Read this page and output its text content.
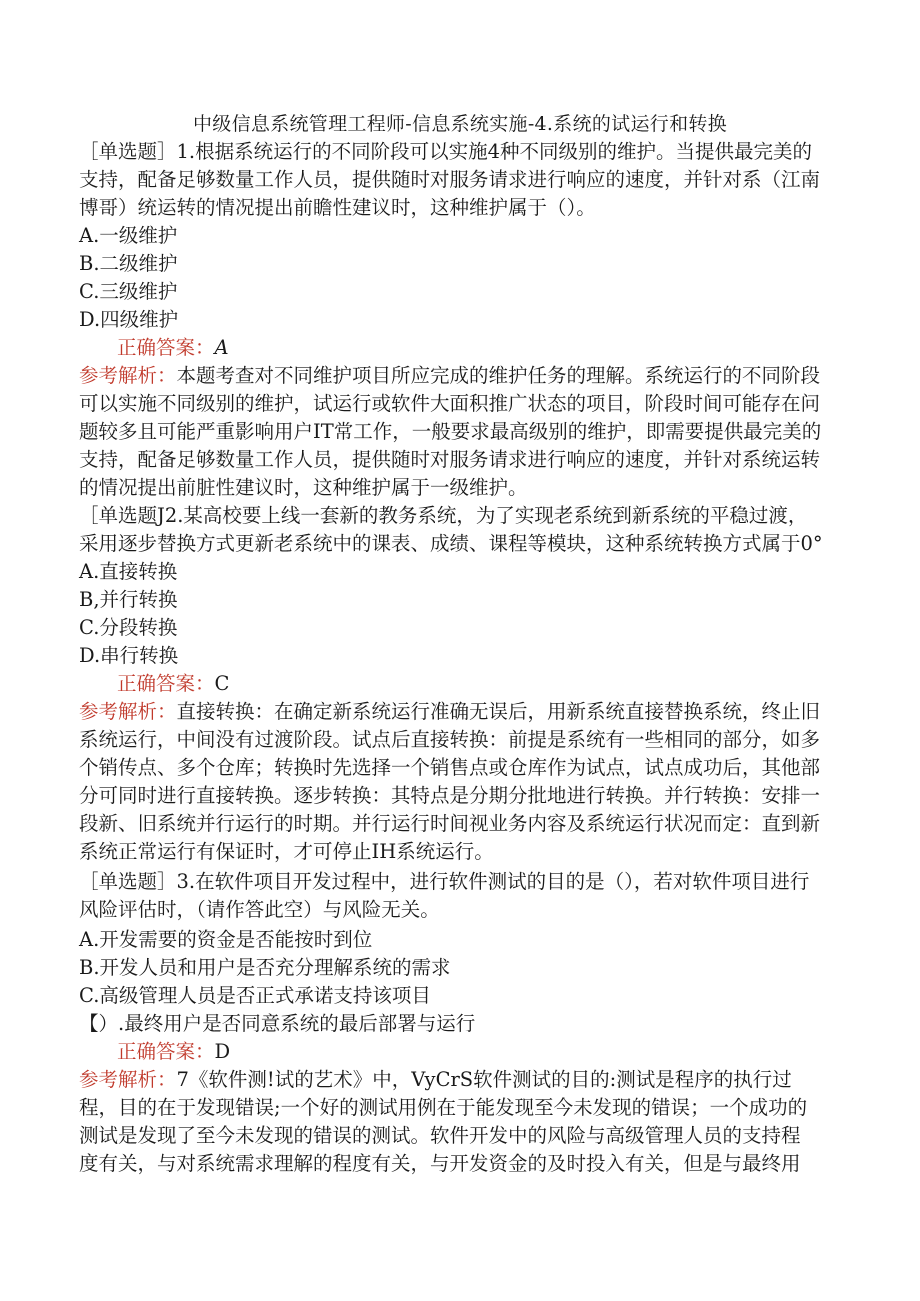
中级信息系统管理工程师-信息系统实施-4.系统的试运行和转换
［单选题］1.根据系统运行的不同阶段可以实施4种不同级别的维护。当提供最完美的
支持，配备足够数量工作人员，提供随时对服务请求进行响应的速度，并针对系（江南
博哥）统运转的情况提出前瞻性建议时，这种维护属于（）。
A.一级维护
B.二级维护
C.三级维护
D.四级维护
正确答案：A
参考解析：本题考查对不同维护项目所应完成的维护任务的理解。系统运行的不同阶段
可以实施不同级别的维护，试运行或软件大面积推广状态的项目，阶段时间可能存在问
题较多且可能严重影响用户IT常工作，一般要求最高级别的维护，即需要提供最完美的
支持，配备足够数量工作人员，提供随时对服务请求进行响应的速度，并针对系统运转
的情况提出前脏性建议时，这种维护属于一级维护。
［单选题J2.某高校要上线一套新的教务系统，为了实现老系统到新系统的平稳过渡，
采用逐步替换方式更新老系统中的课表、成绩、课程等模块，这种系统转换方式属于0°
A.直接转换
B,并行转换
C.分段转换
D.串行转换
正确答案：C
参考解析：直接转换：在确定新系统运行准确无误后，用新系统直接替换系统，终止旧
系统运行，中间没有过渡阶段。试点后直接转换：前提是系统有一些相同的部分，如多
个销传点、多个仓库；转换时先选择一个销售点或仓库作为试点，试点成功后，其他部
分可同时进行直接转换。逐步转换：其特点是分期分批地进行转换。并行转换：安排一
段新、旧系统并行运行的时期。并行运行时间视业务内容及系统运行状况而定：直到新
系统正常运行有保证时，才可停止IH系统运行。
［单选题］3.在软件项目开发过程中，进行软件测试的目的是（），若对软件项目进行
风险评估时，（请作答此空）与风险无关。
A.开发需要的资金是否能按时到位
B.开发人员和用户是否充分理解系统的需求
C.高级管理人员是否正式承诺支持该项目
【）.最终用户是否同意系统的最后部署与运行
正确答案：D
参考解析：7《软件测!试的艺术》中，VyCrS软件测试的目的:测试是程序的执行过
程，目的在于发现错误;一个好的测试用例在于能发现至今未发现的错误；一个成功的
测试是发现了至今未发现的错误的测试。软件开发中的风险与高级管理人员的支持程
度有关，与对系统需求理解的程度有关，与开发资金的及时投入有关，但是与最终用
